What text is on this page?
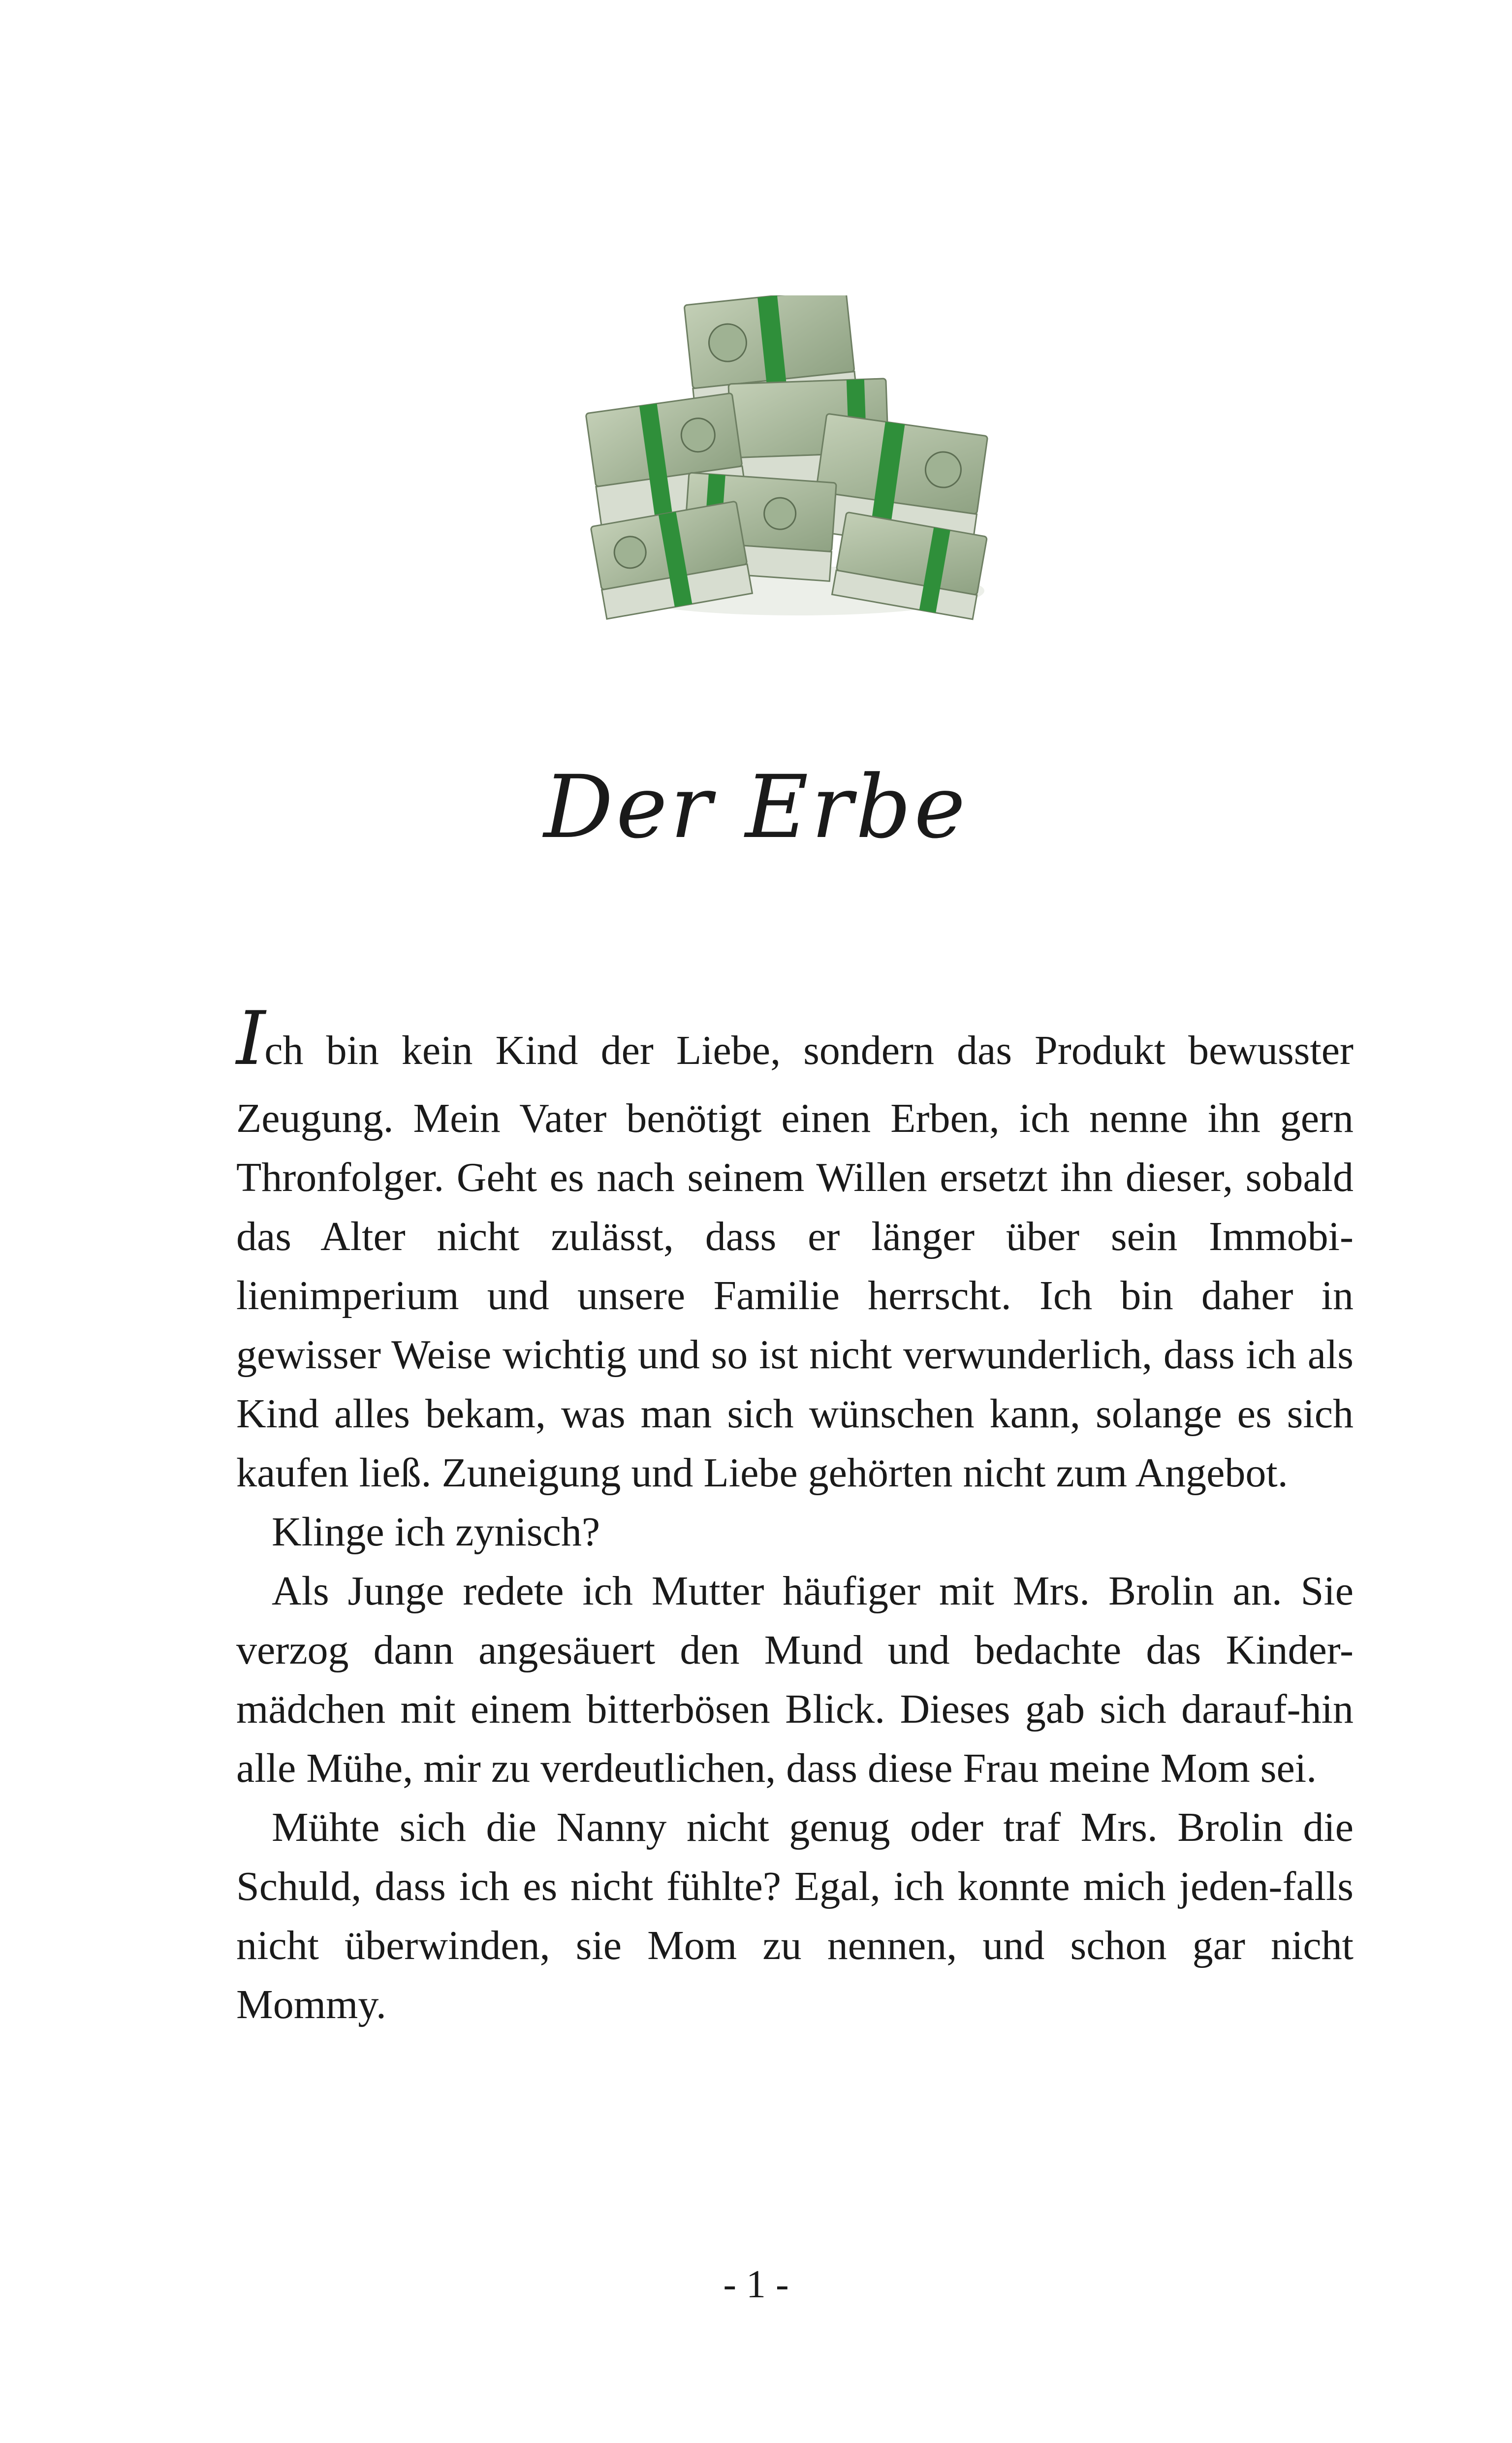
Der Erbe

Ich bin kein Kind der Liebe, sondern das Produkt bewusster
Zeugung. Mein Vater benötigt einen Erben, ich nenne ihn gern Thronfolger. Geht es nach seinem Willen ersetzt ihn dieser, sobald das Alter nicht zulässt, dass er länger über sein Immobi-lienimperium und unsere Familie herrscht. Ich bin daher in gewisser Weise wichtig und so ist nicht verwunderlich, dass ich als Kind alles bekam, was man sich wünschen kann, solange es sich kaufen ließ. Zuneigung und Liebe gehörten nicht zum Angebot.

Klinge ich zynisch?

Als Junge redete ich Mutter häufiger mit Mrs. Brolin an. Sie verzog dann angesäuert den Mund und bedachte das Kinder-mädchen mit einem bitterbösen Blick. Dieses gab sich darauf-hin alle Mühe, mir zu verdeutlichen, dass diese Frau meine Mom sei.

Mühte sich die Nanny nicht genug oder traf Mrs. Brolin die Schuld, dass ich es nicht fühlte? Egal, ich konnte mich jeden-falls nicht überwinden, sie Mom zu nennen, und schon gar nicht Mommy.

- 1 -
